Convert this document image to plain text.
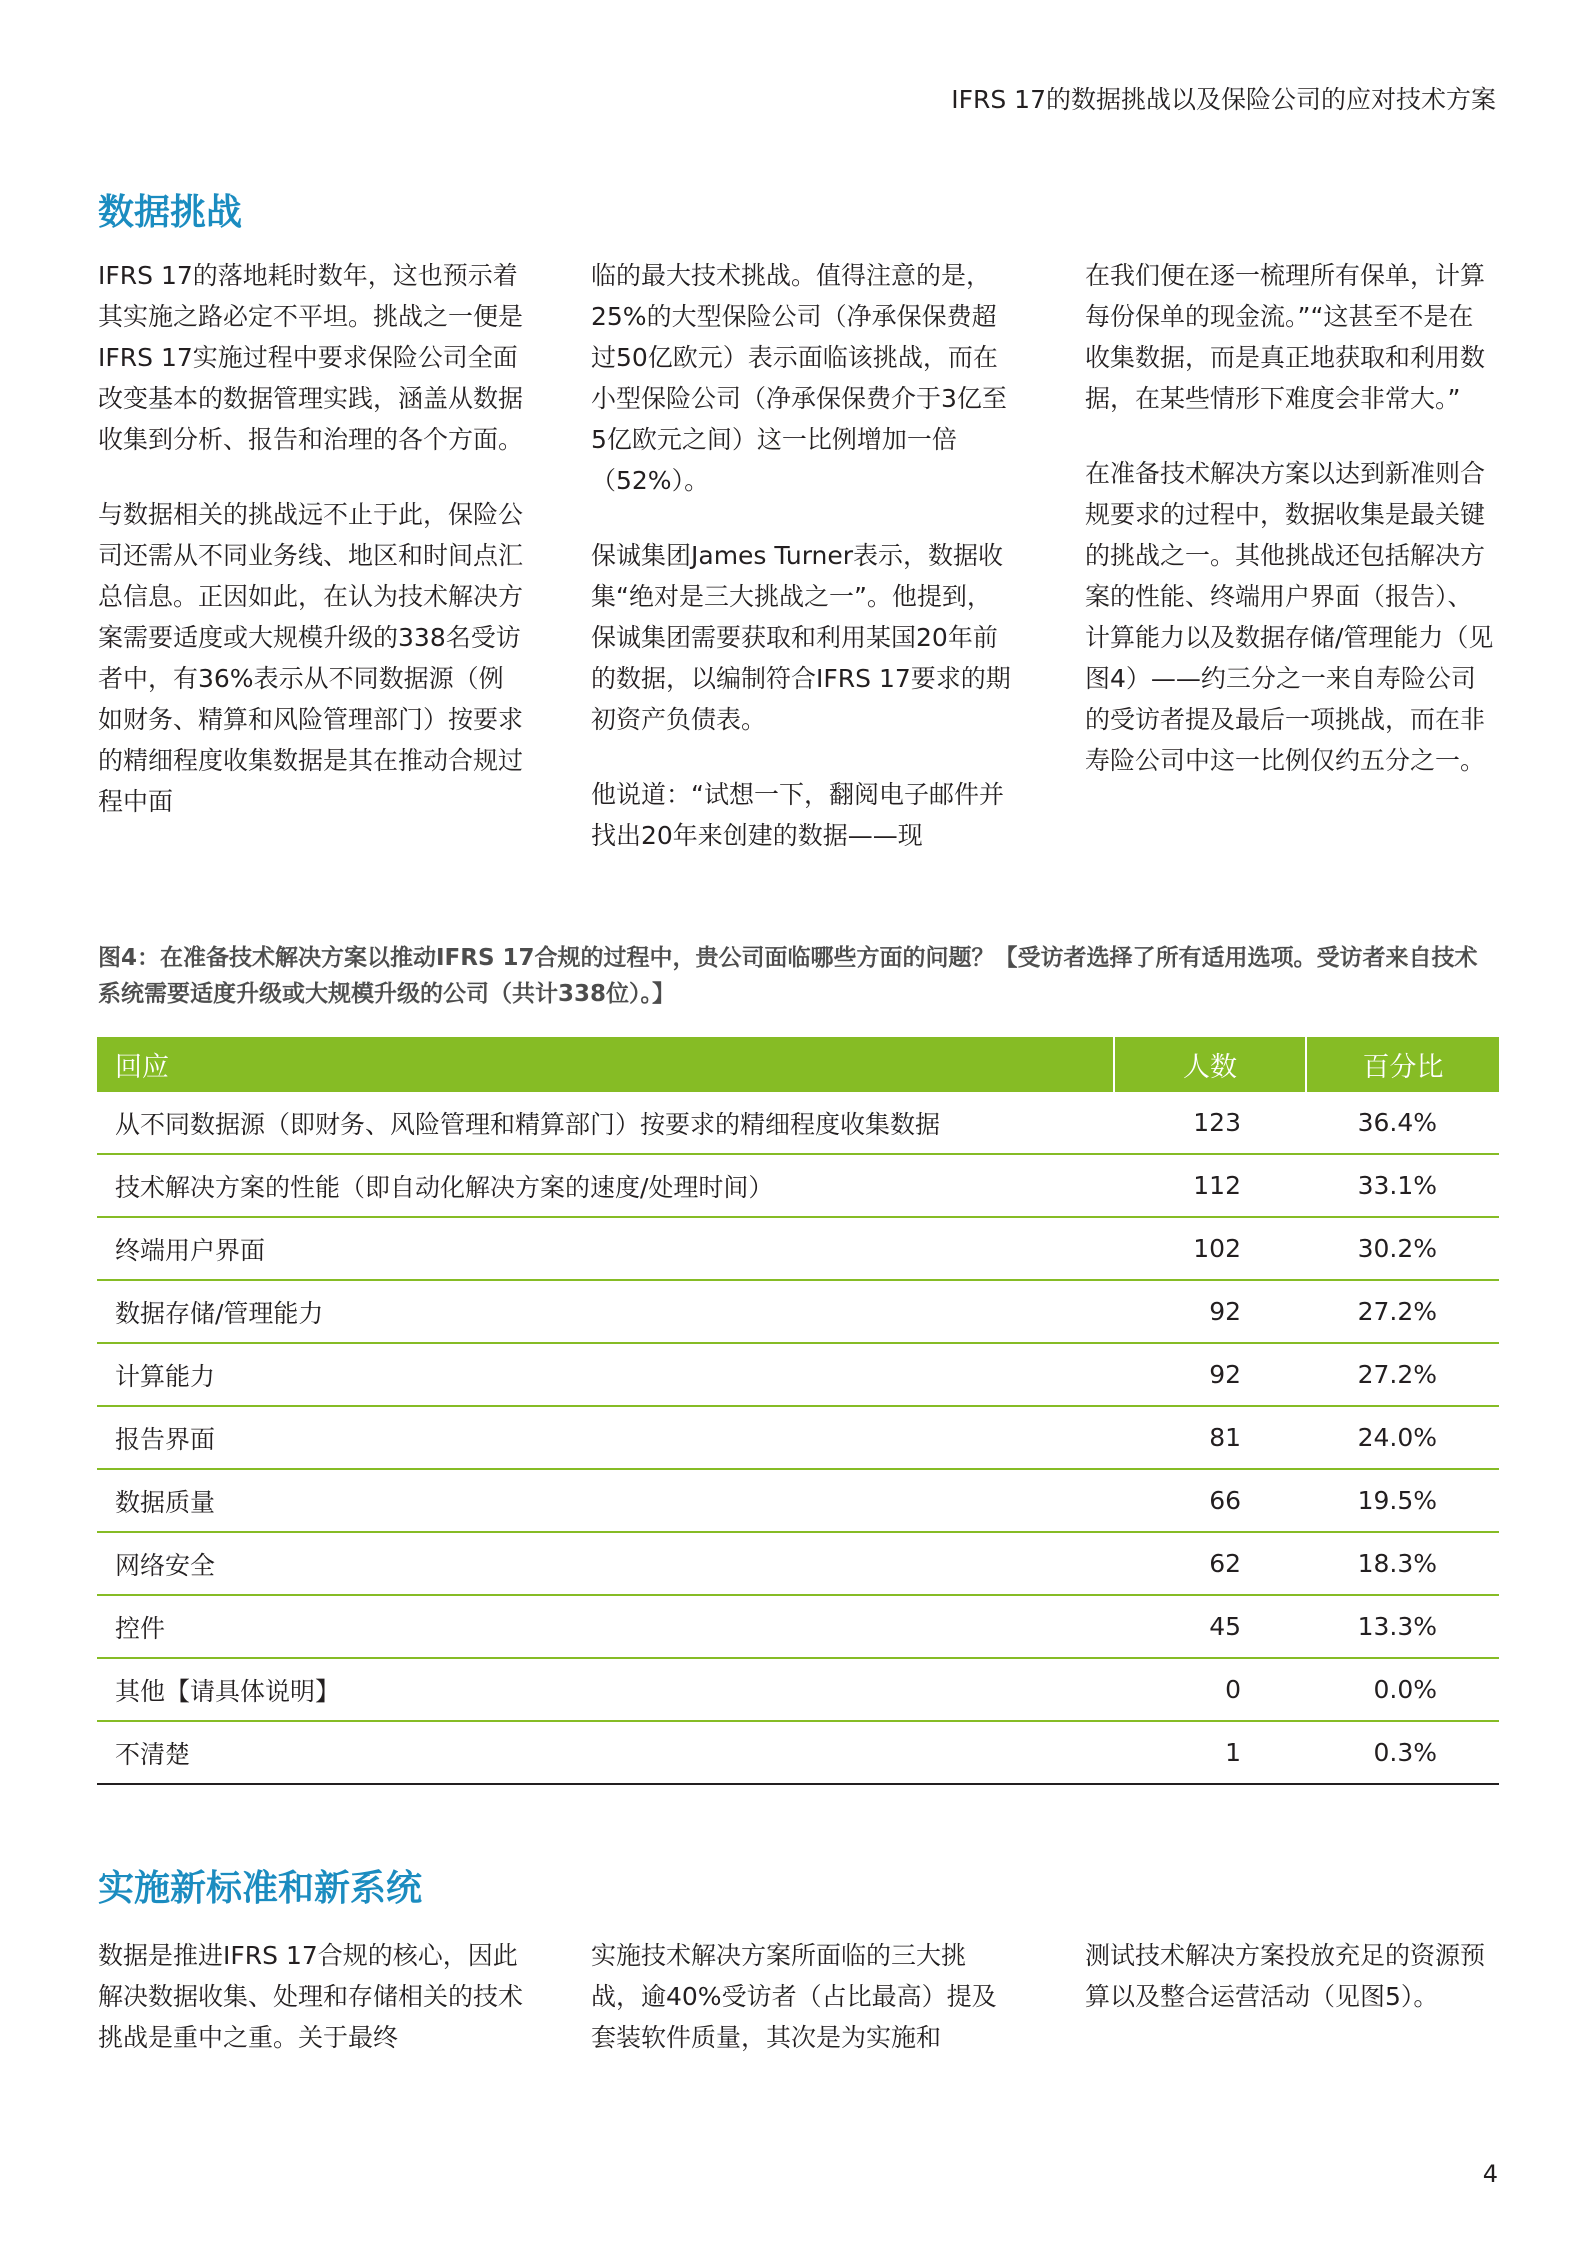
IFRS 17的数据挑战以及保险公司的应对技术方案
数据挑战

IFRS 17的落地耗时数年，这也预示着其实施之路必定不平坦。挑战之一便是IFRS 17实施过程中要求保险公司全面改变基本的数据管理实践，涵盖从数据收集到分析、报告和治理的各个方面。

与数据相关的挑战远不止于此，保险公司还需从不同业务线、地区和时间点汇总信息。正因如此，在认为技术解决方案需要适度或大规模升级的338名受访者中，有36%表示从不同数据源（例如财务、精算和风险管理部门）按要求的精细程度收集数据是其在推动合规过程中面

临的最大技术挑战。值得注意的是，25%的大型保险公司（净承保保费超过50亿欧元）表示面临该挑战，而在小型保险公司（净承保保费介于3亿至5亿欧元之间）这一比例增加一倍（52%）。

保诚集团James Turner表示，数据收集“绝对是三大挑战之一”。他提到，保诚集团需要获取和利用某国20年前的数据，以编制符合IFRS 17要求的期初资产负债表。

他说道：“试想一下，翻阅电子邮件并找出20年来创建的数据——现

在我们便在逐一梳理所有保单，计算每份保单的现金流。”“这甚至不是在收集数据，而是真正地获取和利用数据，在某些情形下难度会非常大。”

在准备技术解决方案以达到新准则合规要求的过程中，数据收集是最关键的挑战之一。其他挑战还包括解决方案的性能、终端用户界面（报告）、计算能力以及数据存储/管理能力（见图4）——约三分之一来自寿险公司的受访者提及最后一项挑战，而在非寿险公司中这一比例仅约五分之一。

图4：在准备技术解决方案以推动IFRS 17合规的过程中，贵公司面临哪些方面的问题？【受访者选择了所有适用选项。受访者来自技术系统需要适度升级或大规模升级的公司（共计338位）。】
回应	人数	百分比
从不同数据源（即财务、风险管理和精算部门）按要求的精细程度收集数据	123	36.4%
技术解决方案的性能（即自动化解决方案的速度/处理时间）	112	33.1%
终端用户界面	102	30.2%
数据存储/管理能力	92	27.2%
计算能力	92	27.2%
报告界面	81	24.0%
数据质量	66	19.5%
网络安全	62	18.3%
控件	45	13.3%
其他【请具体说明】	0	0.0%
不清楚	1	0.3%
实施新标准和新系统

数据是推进IFRS 17合规的核心，因此解决数据收集、处理和存储相关的技术挑战是重中之重。关于最终

实施技术解决方案所面临的三大挑战，逾40%受访者（占比最高）提及套装软件质量，其次是为实施和

测试技术解决方案投放充足的资源预算以及整合运营活动（见图5）。

4
